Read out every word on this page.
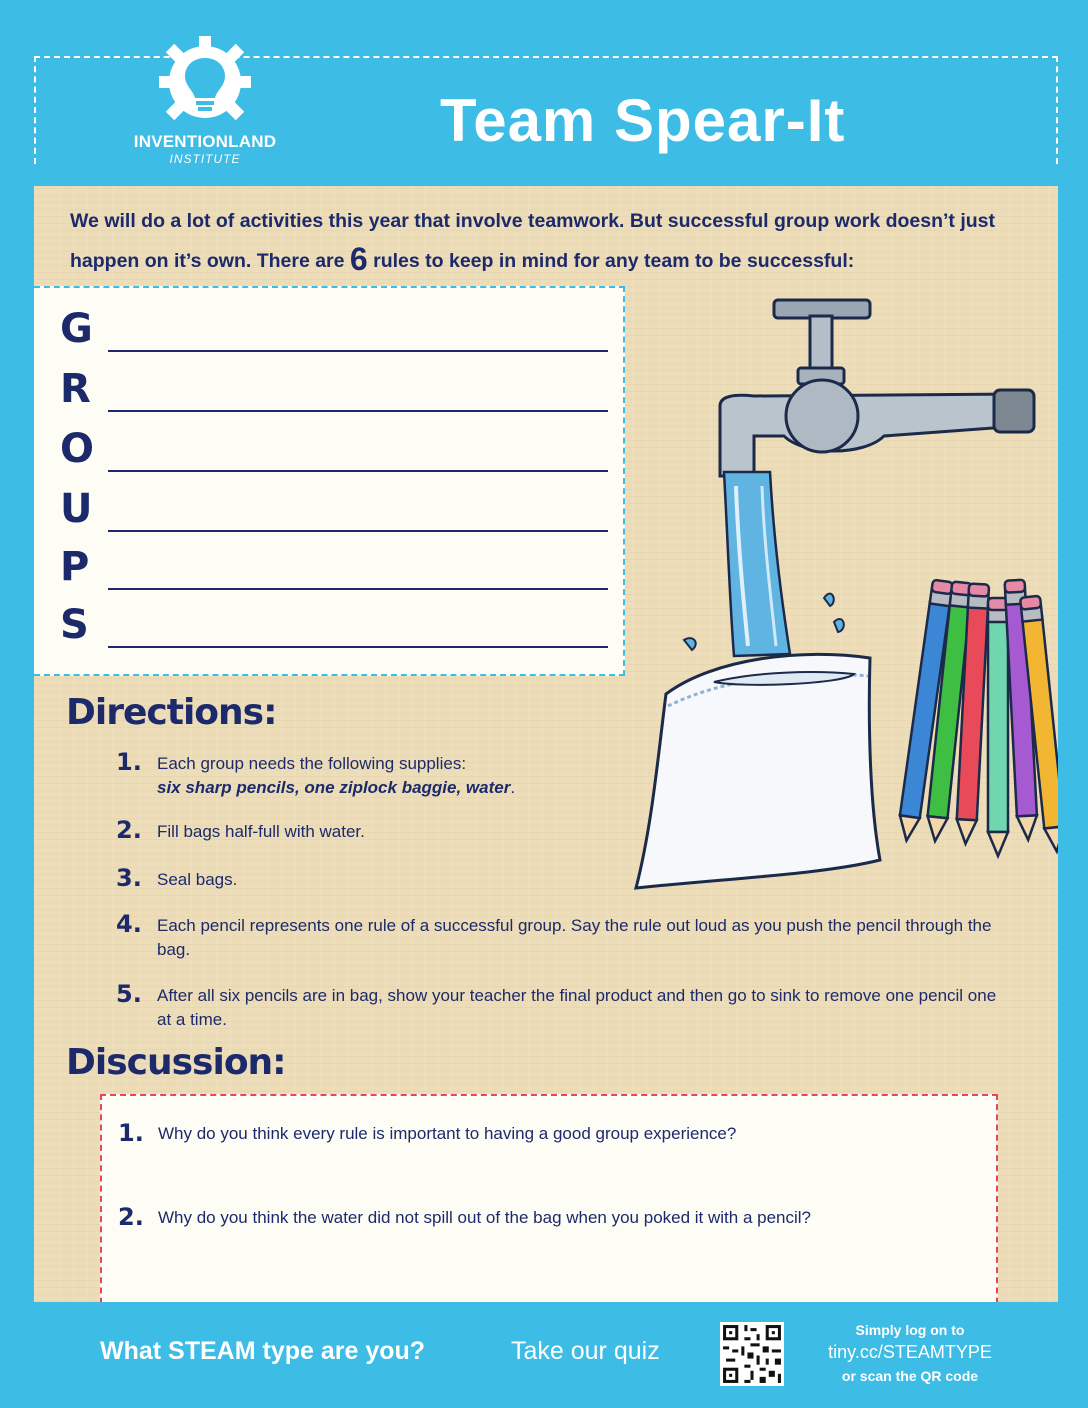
INVENTIONLAND
INSTITUTE
Team Spear-It
We will do a lot of activities this year that involve teamwork. But successful group work doesn’t just happen on it’s own. There are 6 rules to keep in mind for any team to be successful:
G
R
O
U
P
S
Directions:
1. Each group needs the following supplies:
six sharp pencils, one ziplock baggie, water.
2. Fill bags half-full with water.
3. Seal bags.
4. Each pencil represents one rule of a successful group. Say the rule out loud as you push the pencil through the bag.
5. After all six pencils are in bag, show your teacher the final product and then go to sink to remove one pencil one at a time.
Discussion:
1. Why do you think every rule is important to having a good group experience?
2. Why do you think the water did not spill out of the bag when you poked it with a pencil?
What STEAM type are you?	Take our quiz
Simply log on to
tiny.cc/STEAMTYPE
or scan the QR code
